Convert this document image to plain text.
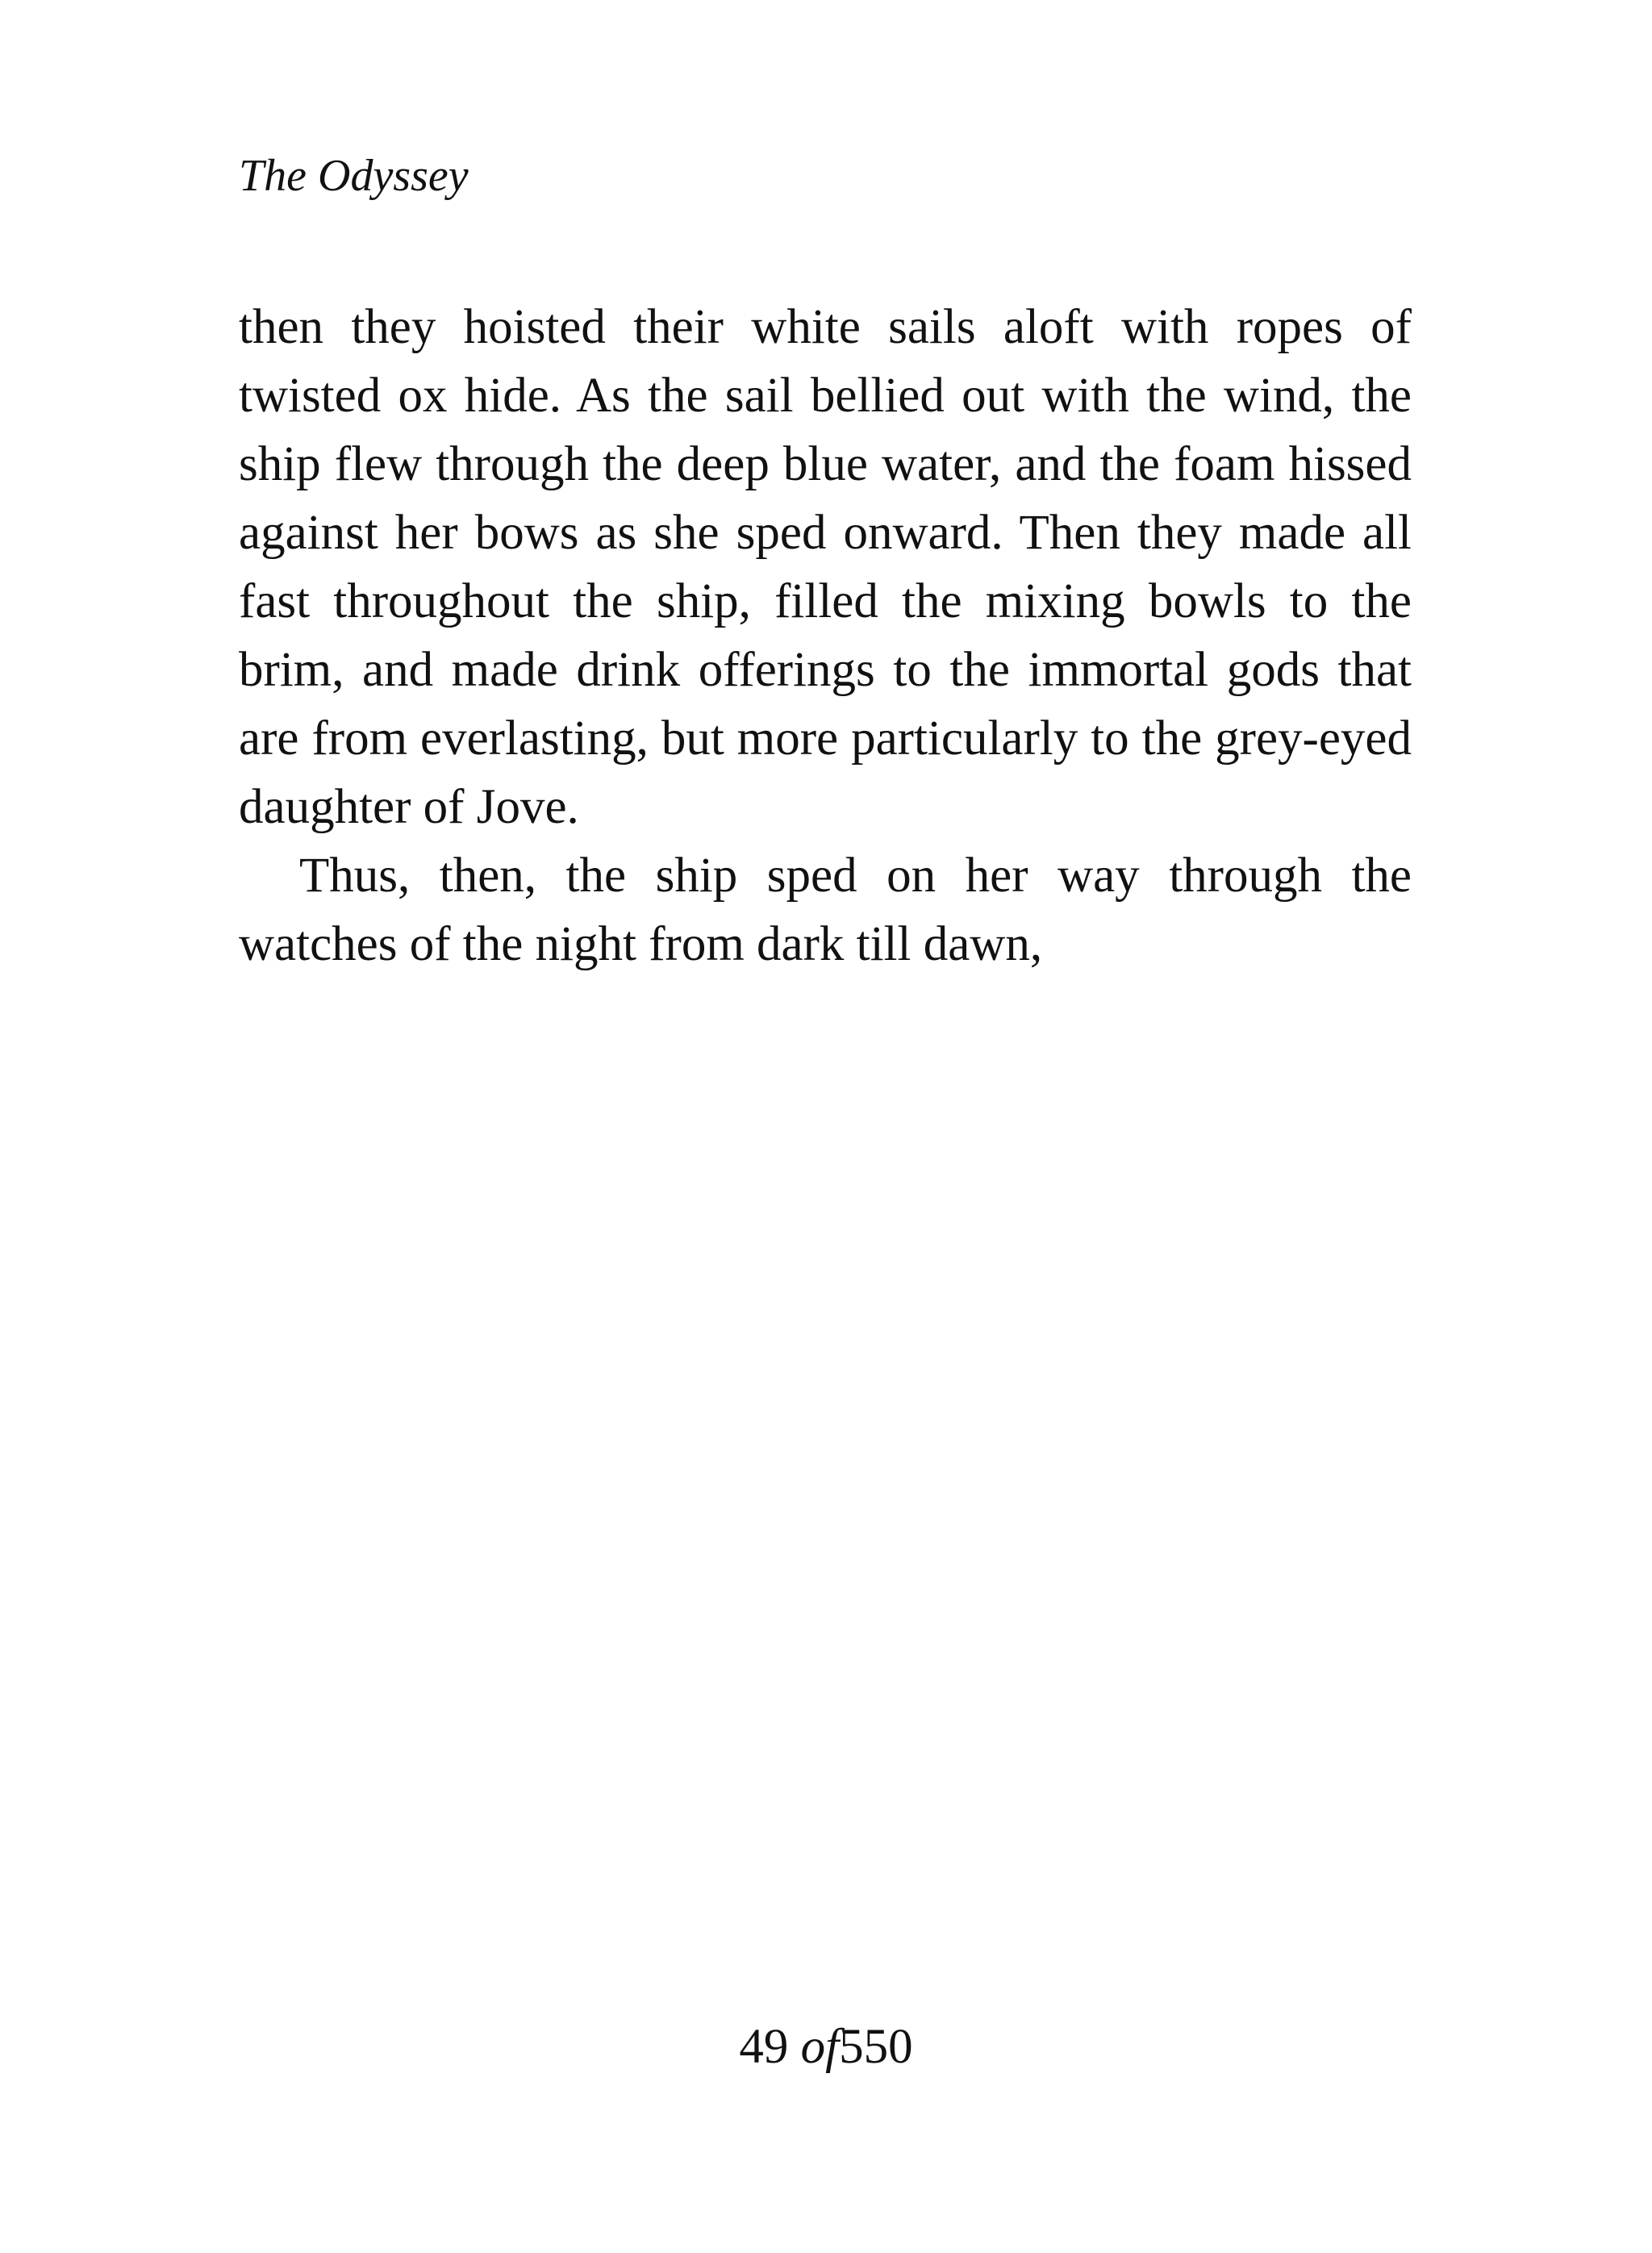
The Odyssey

then they hoisted their white sails aloft with ropes of twisted ox hide. As the sail bellied out with the wind, the ship flew through the deep blue water, and the foam hissed against her bows as she sped onward. Then they made all fast throughout the ship, filled the mixing bowls to the brim, and made drink offerings to the immortal gods that are from everlasting, but more particularly to the grey-eyed daughter of Jove.

Thus, then, the ship sped on her way through the watches of the night from dark till dawn,

49 of550
